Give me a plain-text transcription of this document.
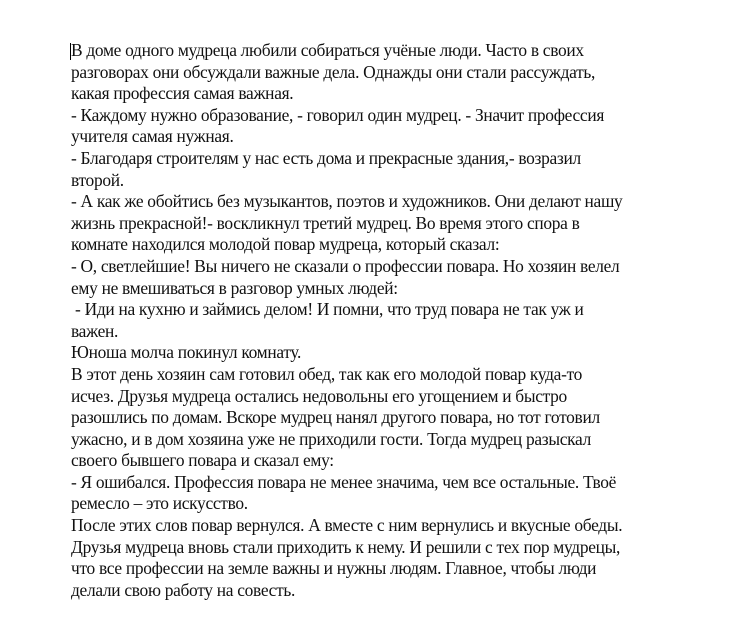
В доме одного мудреца любили собираться учёные люди. Часто в своих
разговорах они обсуждали важные дела. Однажды они стали рассуждать,
какая профессия самая важная.
- Каждому нужно образование, - говорил один мудрец. - Значит профессия
учителя самая нужная.
- Благодаря строителям у нас есть дома и прекрасные здания,- возразил
второй.
- А как же обойтись без музыкантов, поэтов и художников. Они делают нашу
жизнь прекрасной!- воскликнул третий мудрец. Во время этого спора в
комнате находился молодой повар мудреца, который сказал:
- О, светлейшие! Вы ничего не сказали о профессии повара. Но хозяин велел
ему не вмешиваться в разговор умных людей:
- Иди на кухню и займись делом! И помни, что труд повара не так уж и
важен.
Юноша молча покинул комнату.
В этот день хозяин сам готовил обед, так как его молодой повар куда-то
исчез. Друзья мудреца остались недовольны его угощением и быстро
разошлись по домам. Вскоре мудрец нанял другого повара, но тот готовил
ужасно, и в дом хозяина уже не приходили гости. Тогда мудрец разыскал
своего бывшего повара и сказал ему:
- Я ошибался. Профессия повара не менее значима, чем все остальные. Твоё
ремесло – это искусство.
После этих слов повар вернулся. А вместе с ним вернулись и вкусные обеды.
Друзья мудреца вновь стали приходить к нему. И решили с тех пор мудрецы,
что все профессии на земле важны и нужны людям. Главное, чтобы люди
делали свою работу на совесть.
